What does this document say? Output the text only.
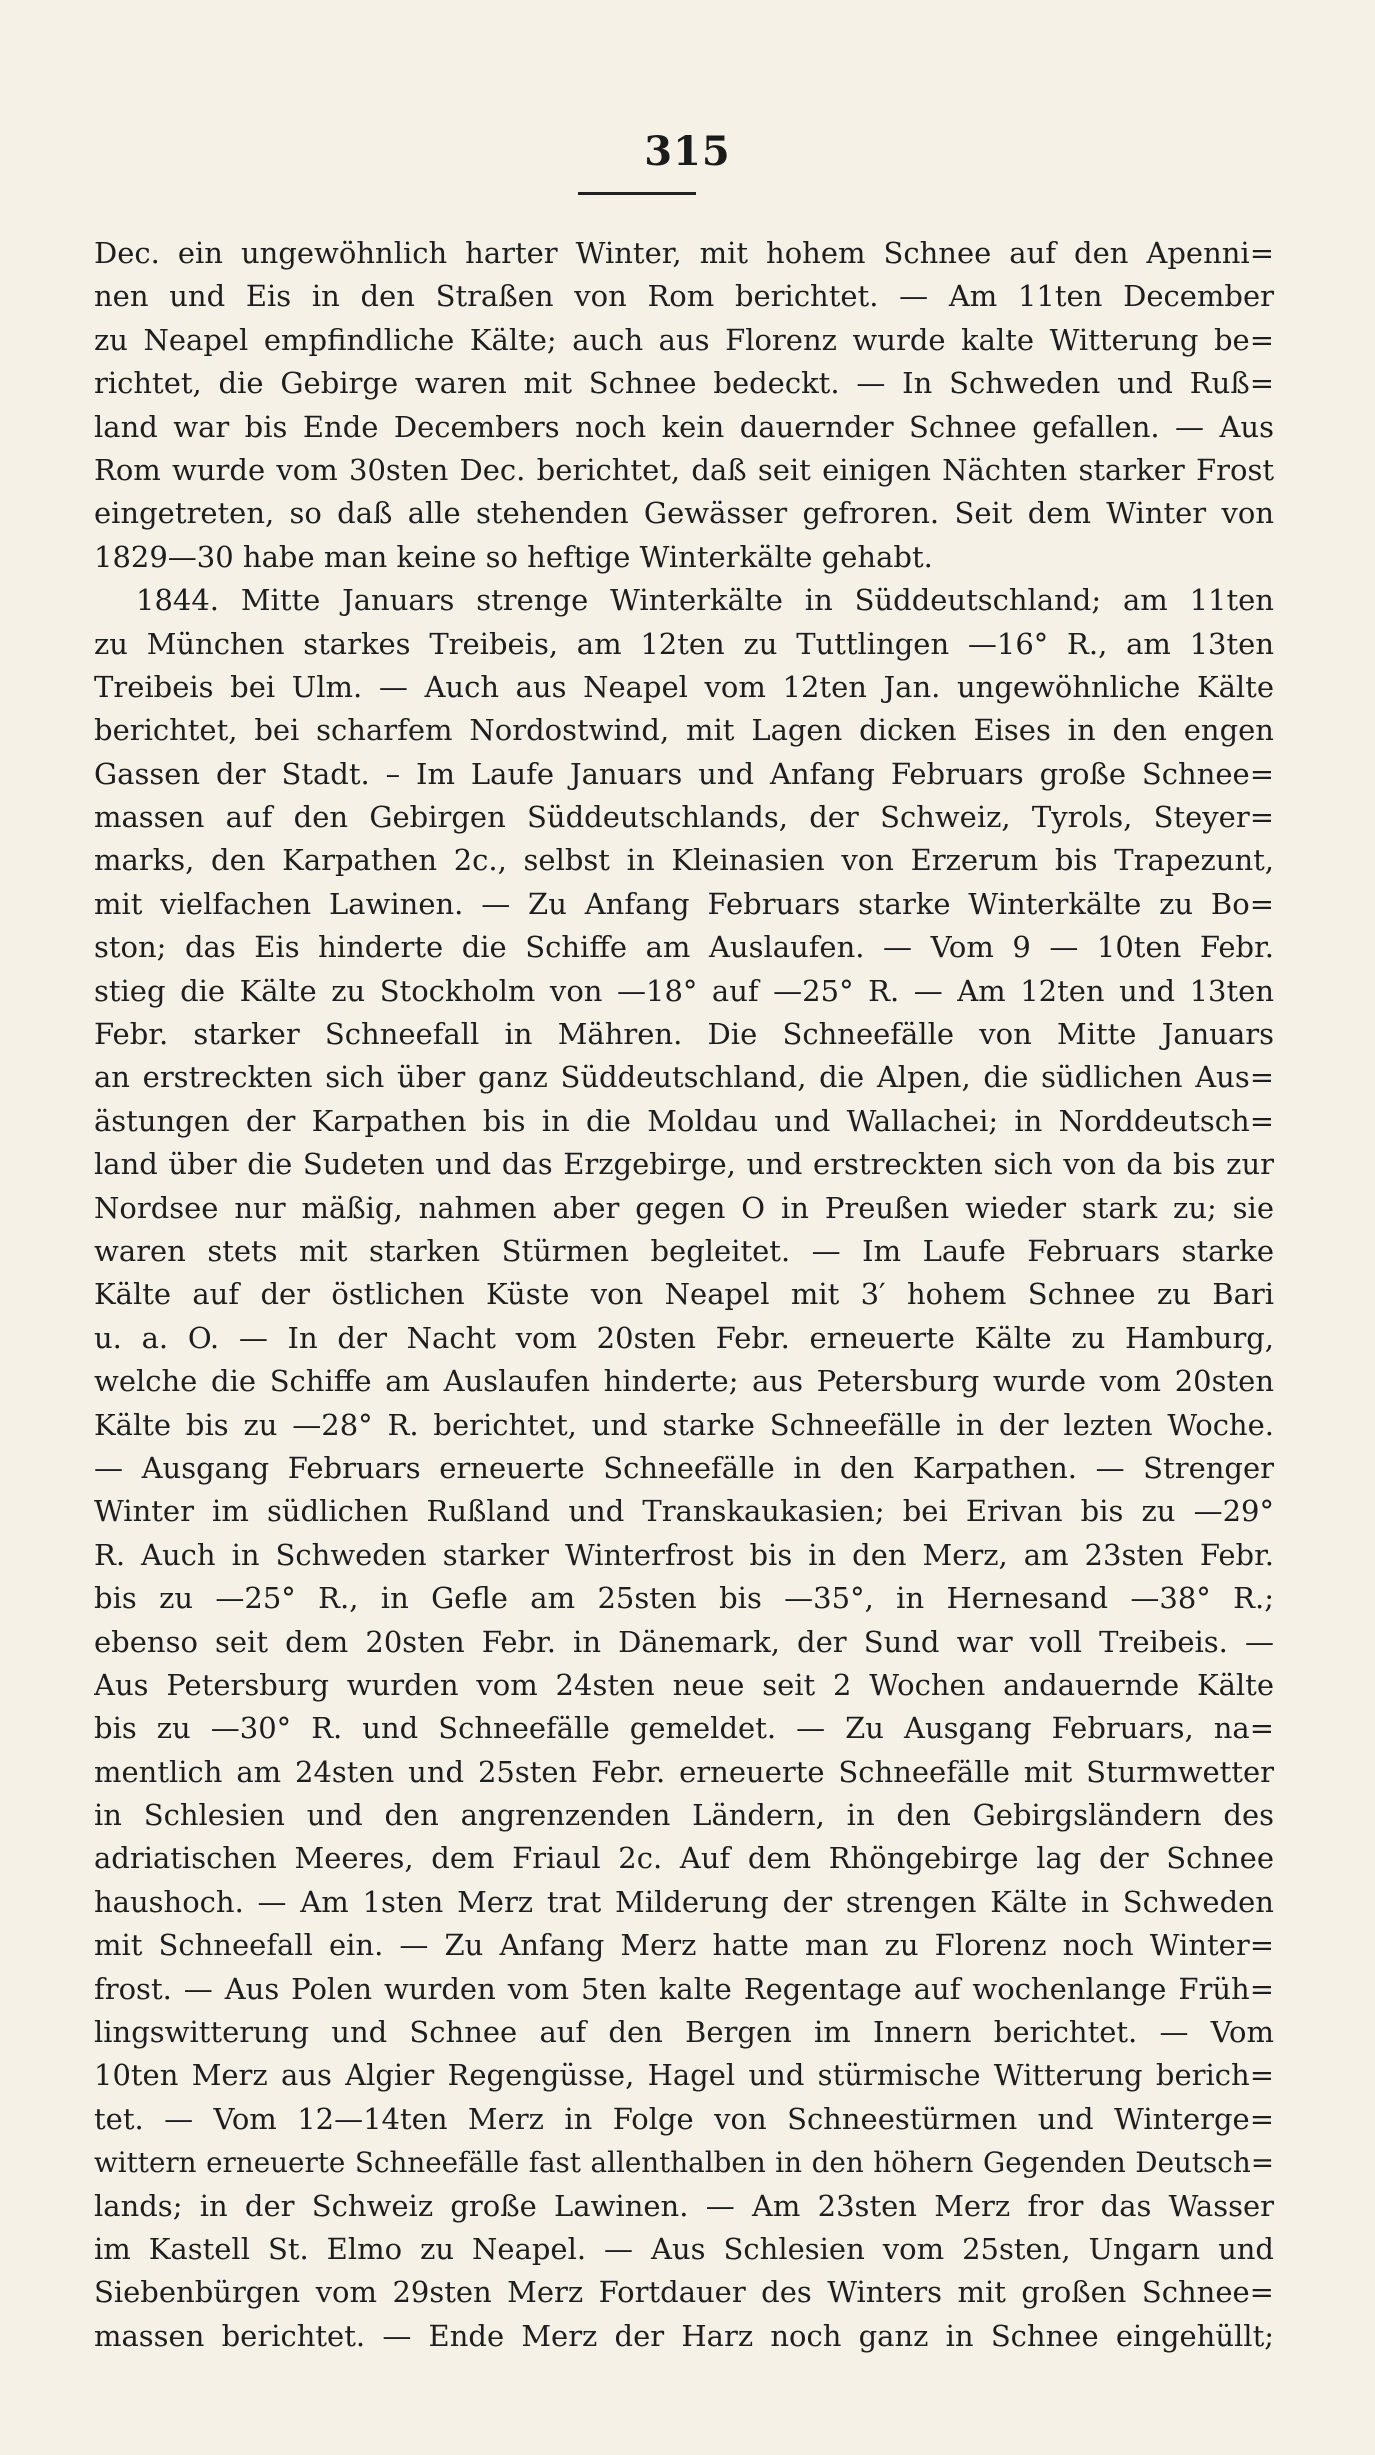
315
Dec. ein ungewöhnlich harter Winter, mit hohem Schnee auf den Apenni=
nen und Eis in den Straßen von Rom berichtet. — Am 11ten December
zu Neapel empfindliche Kälte; auch aus Florenz wurde kalte Witterung be=
richtet, die Gebirge waren mit Schnee bedeckt. — In Schweden und Ruß=
land war bis Ende Decembers noch kein dauernder Schnee gefallen. — Aus
Rom wurde vom 30sten Dec. berichtet, daß seit einigen Nächten starker Frost
eingetreten, so daß alle stehenden Gewässer gefroren. Seit dem Winter von
1829—30 habe man keine so heftige Winterkälte gehabt.
1844. Mitte Januars strenge Winterkälte in Süddeutschland; am 11ten
zu München starkes Treibeis, am 12ten zu Tuttlingen —16° R., am 13ten
Treibeis bei Ulm. — Auch aus Neapel vom 12ten Jan. ungewöhnliche Kälte
berichtet, bei scharfem Nordostwind, mit Lagen dicken Eises in den engen
Gassen der Stadt. – Im Laufe Januars und Anfang Februars große Schnee=
massen auf den Gebirgen Süddeutschlands, der Schweiz, Tyrols, Steyer=
marks, den Karpathen 2c., selbst in Kleinasien von Erzerum bis Trapezunt,
mit vielfachen Lawinen. — Zu Anfang Februars starke Winterkälte zu Bo=
ston; das Eis hinderte die Schiffe am Auslaufen. — Vom 9 — 10ten Febr.
stieg die Kälte zu Stockholm von —18° auf —25° R. — Am 12ten und 13ten
Febr. starker Schneefall in Mähren. Die Schneefälle von Mitte Januars
an erstreckten sich über ganz Süddeutschland, die Alpen, die südlichen Aus=
ästungen der Karpathen bis in die Moldau und Wallachei; in Norddeutsch=
land über die Sudeten und das Erzgebirge, und erstreckten sich von da bis zur
Nordsee nur mäßig, nahmen aber gegen O in Preußen wieder stark zu; sie
waren stets mit starken Stürmen begleitet. — Im Laufe Februars starke
Kälte auf der östlichen Küste von Neapel mit 3′ hohem Schnee zu Bari
u. a. O. — In der Nacht vom 20sten Febr. erneuerte Kälte zu Hamburg,
welche die Schiffe am Auslaufen hinderte; aus Petersburg wurde vom 20sten
Kälte bis zu —28° R. berichtet, und starke Schneefälle in der lezten Woche.
— Ausgang Februars erneuerte Schneefälle in den Karpathen. — Strenger
Winter im südlichen Rußland und Transkaukasien; bei Erivan bis zu —29°
R. Auch in Schweden starker Winterfrost bis in den Merz, am 23sten Febr.
bis zu —25° R., in Gefle am 25sten bis —35°, in Hernesand —38° R.;
ebenso seit dem 20sten Febr. in Dänemark, der Sund war voll Treibeis. —
Aus Petersburg wurden vom 24sten neue seit 2 Wochen andauernde Kälte
bis zu —30° R. und Schneefälle gemeldet. — Zu Ausgang Februars, na=
mentlich am 24sten und 25sten Febr. erneuerte Schneefälle mit Sturmwetter
in Schlesien und den angrenzenden Ländern, in den Gebirgsländern des
adriatischen Meeres, dem Friaul 2c. Auf dem Rhöngebirge lag der Schnee
haushoch. — Am 1sten Merz trat Milderung der strengen Kälte in Schweden
mit Schneefall ein. — Zu Anfang Merz hatte man zu Florenz noch Winter=
frost. — Aus Polen wurden vom 5ten kalte Regentage auf wochenlange Früh=
lingswitterung und Schnee auf den Bergen im Innern berichtet. — Vom
10ten Merz aus Algier Regengüsse, Hagel und stürmische Witterung berich=
tet. — Vom 12—14ten Merz in Folge von Schneestürmen und Winterge=
wittern erneuerte Schneefälle fast allenthalben in den höhern Gegenden Deutsch=
lands; in der Schweiz große Lawinen. — Am 23sten Merz fror das Wasser
im Kastell St. Elmo zu Neapel. — Aus Schlesien vom 25sten, Ungarn und
Siebenbürgen vom 29sten Merz Fortdauer des Winters mit großen Schnee=
massen berichtet. — Ende Merz der Harz noch ganz in Schnee eingehüllt;
